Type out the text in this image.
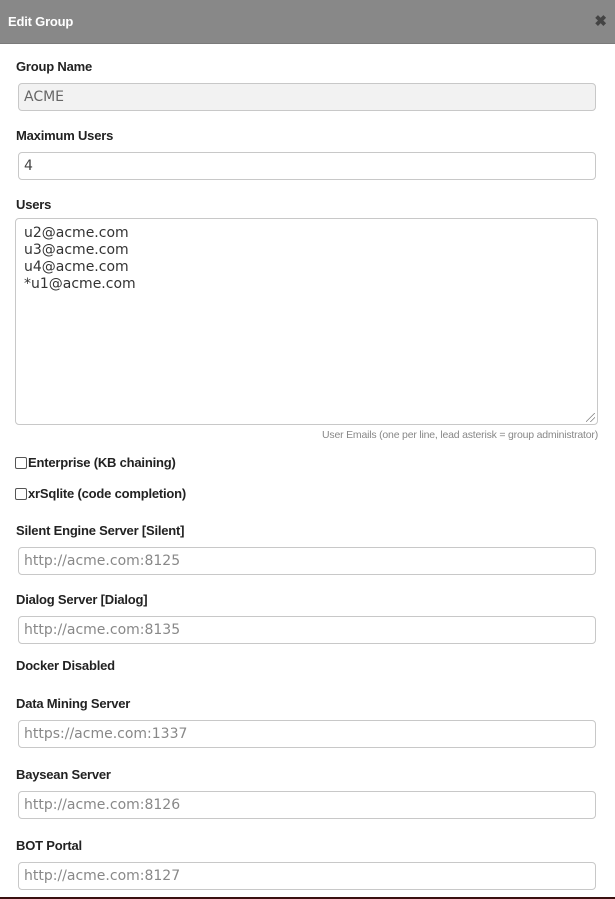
Edit Group	✖
Group Name
ACME
Maximum Users
4
Users
u2@acme.com
u3@acme.com
u4@acme.com
*u1@acme.com
User Emails (one per line, lead asterisk = group administrator)
Enterprise (KB chaining)
xrSqlite (code completion)
Silent Engine Server [Silent]
http://acme.com:8125
Dialog Server [Dialog]
http://acme.com:8135
Docker Disabled
Data Mining Server
https://acme.com:1337
Baysean Server
http://acme.com:8126
BOT Portal
http://acme.com:8127
